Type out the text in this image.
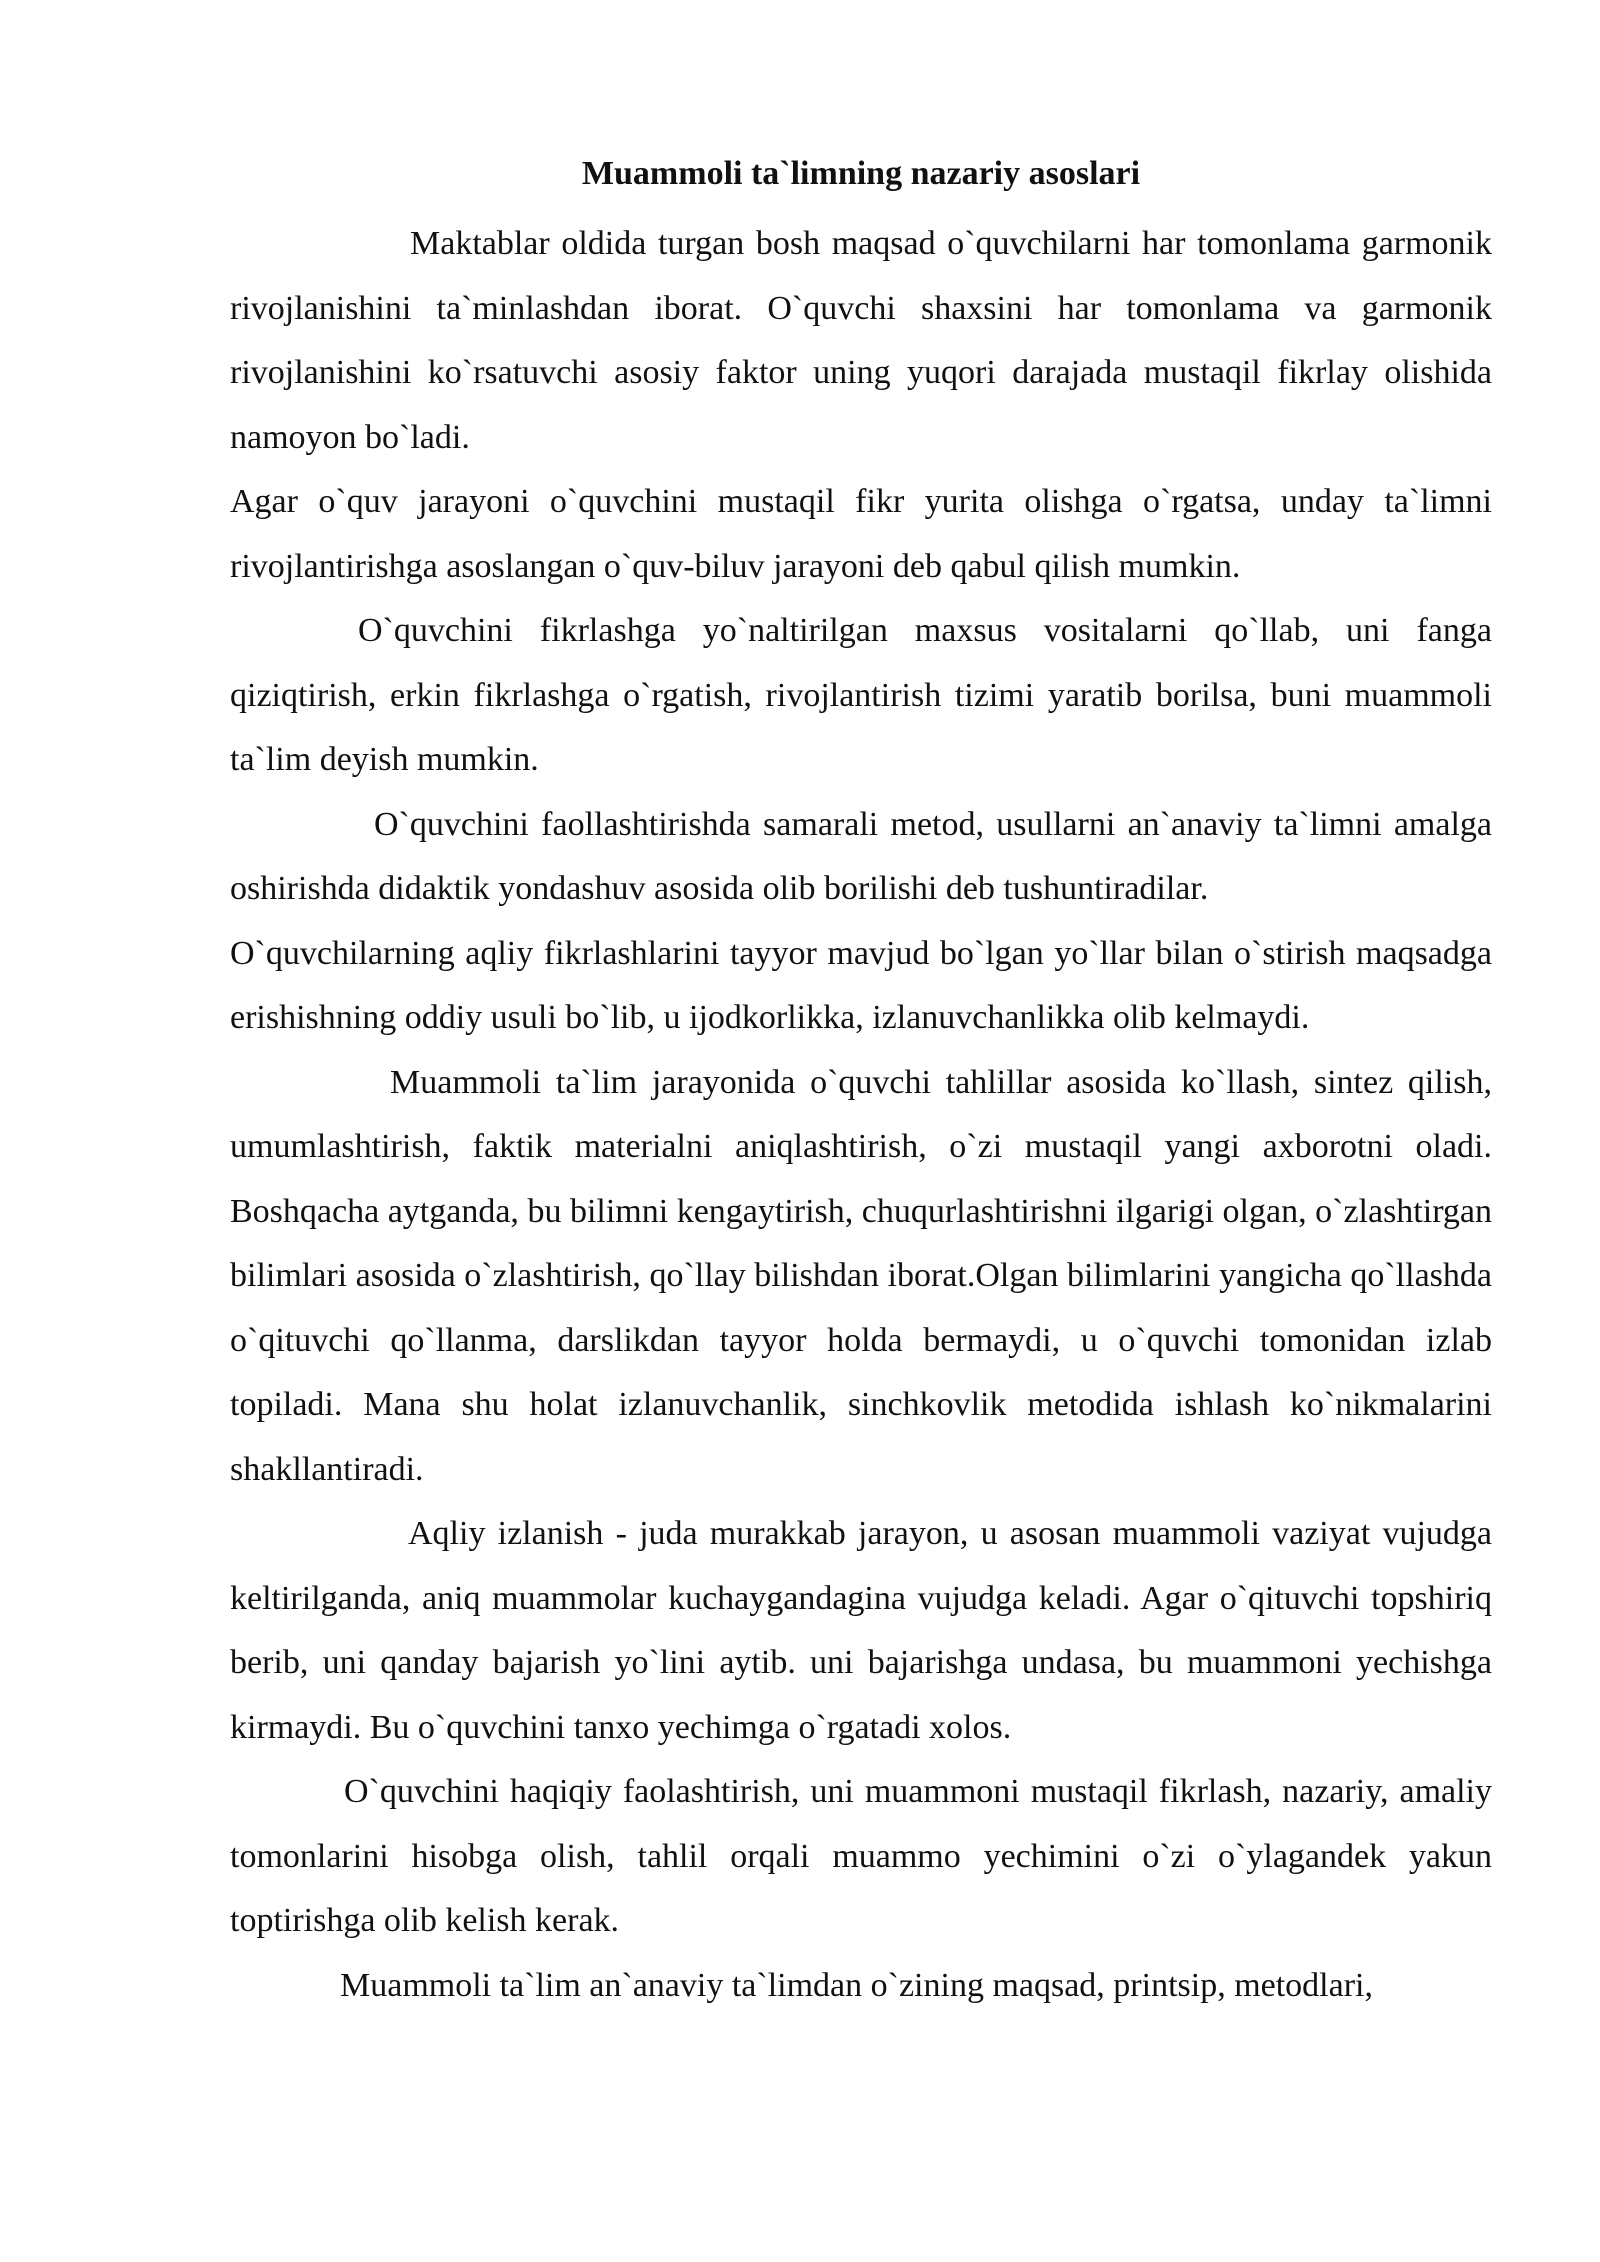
Muammoli ta`limning nazariy asoslari

Maktablar oldida turgan bosh maqsad o`quvchilarni har tomonlama garmonik rivojlanishini ta`minlashdan iborat. O`quvchi shaxsini har tomonlama va garmonik rivojlanishini ko`rsatuvchi asosiy faktor uning yuqori darajada mustaqil fikrlay olishida namoyon bo`ladi.

Agar o`quv jarayoni o`quvchini mustaqil fikr yurita olishga o`rgatsa, unday ta`limni rivojlantirishga asoslangan o`quv-biluv jarayoni deb qabul qilish mumkin.

O`quvchini fikrlashga yo`naltirilgan maxsus vositalarni qo`llab, uni fanga qiziqtirish, erkin fikrlashga o`rgatish, rivojlantirish tizimi yaratib borilsa, buni muammoli ta`lim deyish mumkin.

O`quvchini faollashtirishda samarali metod, usullarni an`anaviy ta`limni amalga oshirishda didaktik yondashuv asosida olib borilishi deb tushuntiradilar.

O`quvchilarning aqliy fikrlashlarini tayyor mavjud bo`lgan yo`llar bilan o`stirish maqsadga erishishning oddiy usuli bo`lib, u ijodkorlikka, izlanuvchanlikka olib kelmaydi.

Muammoli ta`lim jarayonida o`quvchi tahlillar asosida ko`llash, sintez qilish, umumlashtirish, faktik materialni aniqlashtirish, o`zi mustaqil yangi axborotni oladi. Boshqacha aytganda, bu bilimni kengaytirish, chuqurlashtirishni ilgarigi olgan, o`zlashtirgan bilimlari asosida o`zlashtirish, qo`llay bilishdan iborat.Olgan bilimlarini yangicha qo`llashda o`qituvchi qo`llanma, darslikdan tayyor holda bermaydi, u o`quvchi tomonidan izlab topiladi. Mana shu holat izlanuvchanlik, sinchkovlik metodida ishlash ko`nikmalarini shakllantiradi.

Aqliy izlanish - juda murakkab jarayon, u asosan muammoli vaziyat vujudga keltirilganda, aniq muammolar kuchaygandagina vujudga keladi. Agar o`qituvchi topshiriq berib, uni qanday bajarish yo`lini aytib. uni bajarishga undasa, bu muammoni yechishga kirmaydi. Bu o`quvchini tanxo yechimga o`rgatadi xolos.

O`quvchini haqiqiy faolashtirish, uni muammoni mustaqil fikrlash, nazariy, amaliy tomonlarini hisobga olish, tahlil orqali muammo yechimini o`zi o`ylagandek yakun toptirishga olib kelish kerak.

Muammoli ta`lim an`anaviy ta`limdan o`zining maqsad, printsip, metodlari,
